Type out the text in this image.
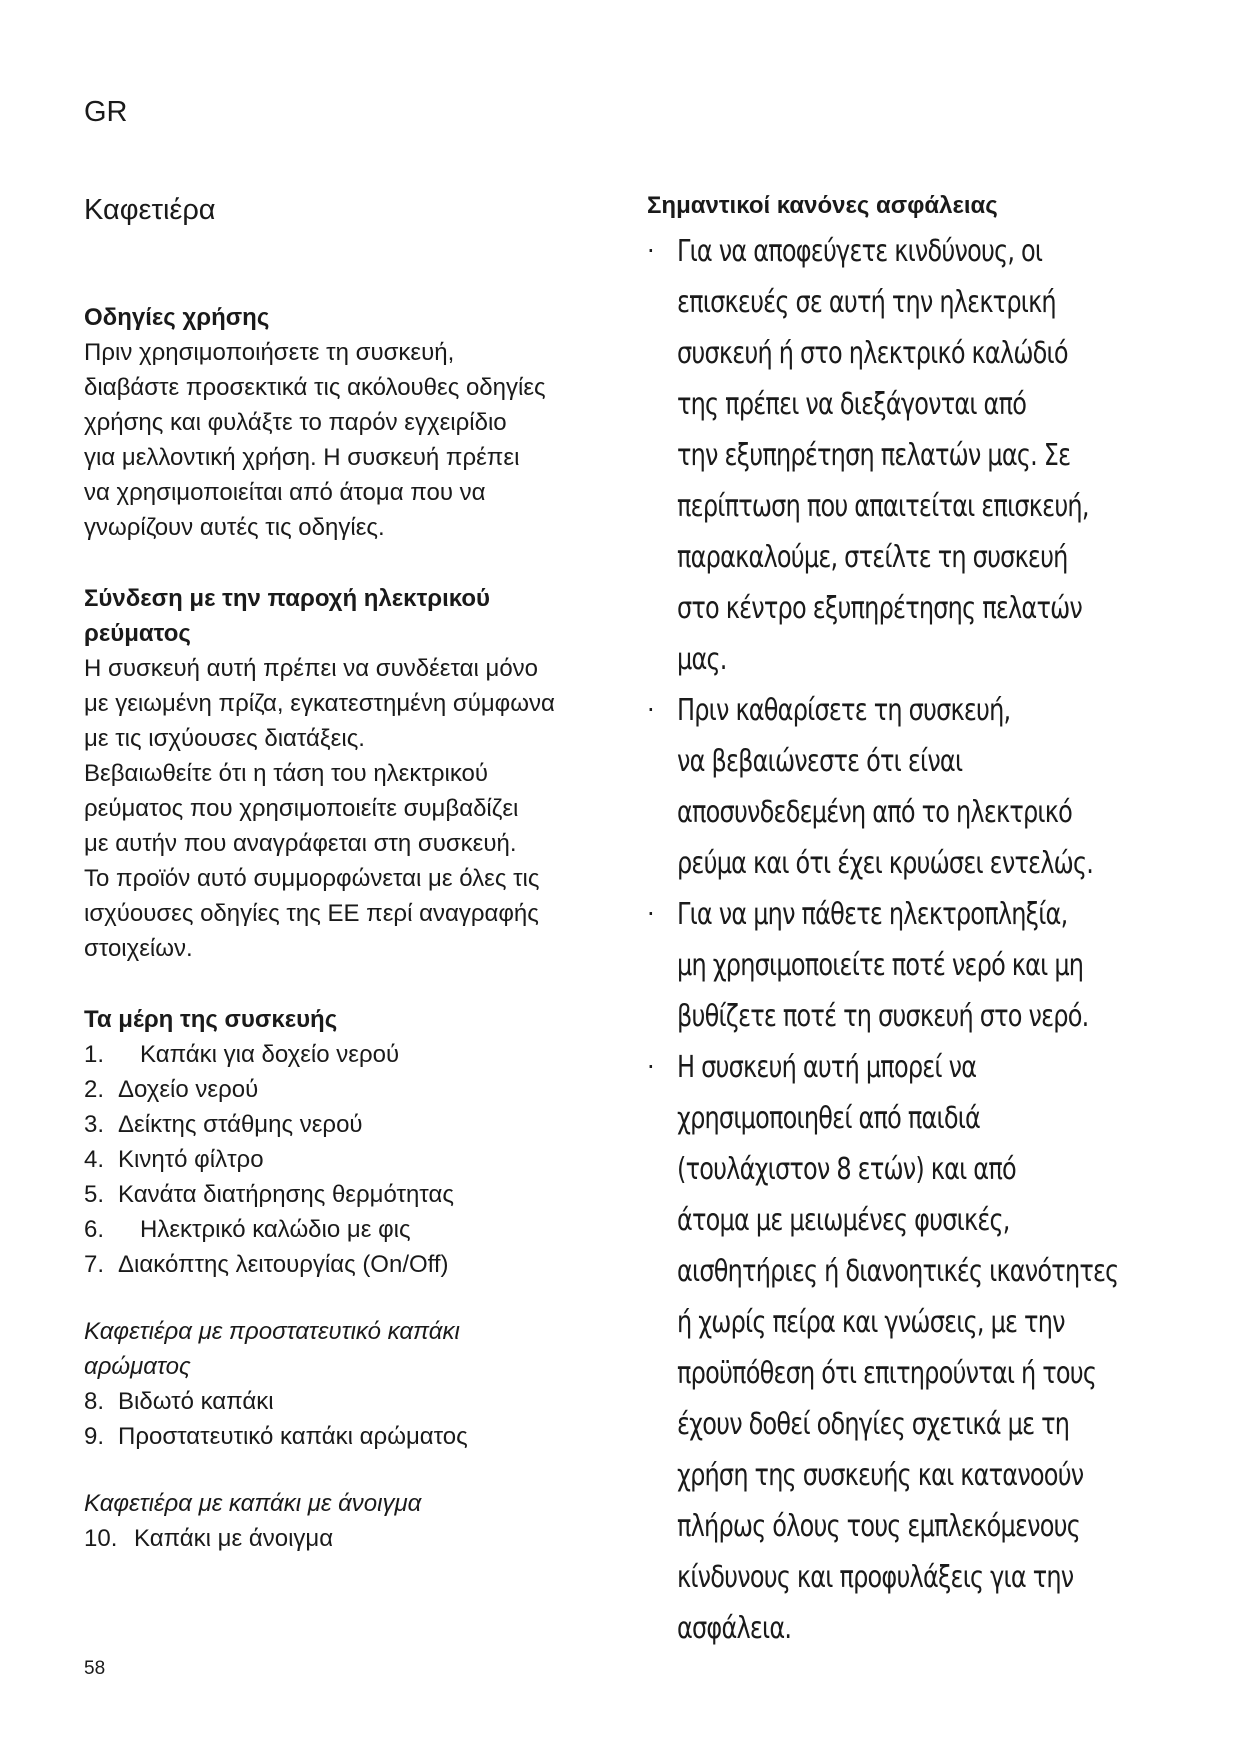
GR
Καφετιέρα

Οδηγίες χρήσης

Πριν χρησιμοποιήσετε τη συσκευή,

διαβάστε προσεκτικά τις ακόλουθες οδηγίες

χρήσης και φυλάξτε το παρόν εγχειρίδιο

για μελλοντική χρήση. Η συσκευή πρέπει

να χρησιμοποιείται από άτομα που να

γνωρίζουν αυτές τις οδηγίες.

Σύνδεση με την παροχή ηλεκτρικού

ρεύματος

Η συσκευή αυτή πρέπει να συνδέεται μόνο

με γειωμένη πρίζα, εγκατεστημένη σύμφωνα

με τις ισχύουσες διατάξεις.

Βεβαιωθείτε ότι η τάση του ηλεκτρικού

ρεύματος που χρησιμοποιείτε συμβαδίζει

με αυτήν που αναγράφεται στη συσκευή.

Το προϊόν αυτό συμμορφώνεται με όλες τις

ισχύουσες οδηγίες της ΕΕ περί αναγραφής

στοιχείων.

Τα μέρη της συσκευής

1.	Καπάκι για δοχείο νερού
2. Δοχείο νερού
3. Δείκτης στάθμης νερού
4. Κινητό φίλτρο
5. Κανάτα διατήρησης θερμότητας
6.	Ηλεκτρικό καλώδιο με φις
7. Διακόπτης λειτουργίας (On/Off)

Καφετιέρα με προστατευτικό καπάκι

αρώματος

8. Βιδωτό καπάκι
9. Προστατευτικό καπάκι αρώματος

Καφετιέρα με καπάκι με άνοιγμα

10. Καπάκι με άνοιγμα

Σημαντικοί κανόνες ασφάλειας

· Για να αποφεύγετε κινδύνους, οι
επισκευές σε αυτή την ηλεκτρική
συσκευή ή στο ηλεκτρικό καλώδιό
της πρέπει να διεξάγονται από
την εξυπηρέτηση πελατών μας. Σε
περίπτωση που απαιτείται επισκευή,
παρακαλούμε, στείλτε τη συσκευή
στο κέντρο εξυπηρέτησης πελατών
μας.
· Πριν καθαρίσετε τη συσκευή,
να βεβαιώνεστε ότι είναι
αποσυνδεδεμένη από το ηλεκτρικό
ρεύμα και ότι έχει κρυώσει εντελώς.
· Για να μην πάθετε ηλεκτροπληξία,
μη χρησιμοποιείτε ποτέ νερό και μη
βυθίζετε ποτέ τη συσκευή στο νερό.
· Η συσκευή αυτή μπορεί να
χρησιμοποιηθεί από παιδιά
(τουλάχιστον 8 ετών) και από
άτομα με μειωμένες φυσικές,
αισθητήριες ή διανοητικές ικανότητες
ή χωρίς πείρα και γνώσεις, με την
προϋπόθεση ότι επιτηρούνται ή τους
έχουν δοθεί οδηγίες σχετικά με τη
χρήση της συσκευής και κατανοούν
πλήρως όλους τους εμπλεκόμενους
κίνδυνους και προφυλάξεις για την
ασφάλεια.
58
